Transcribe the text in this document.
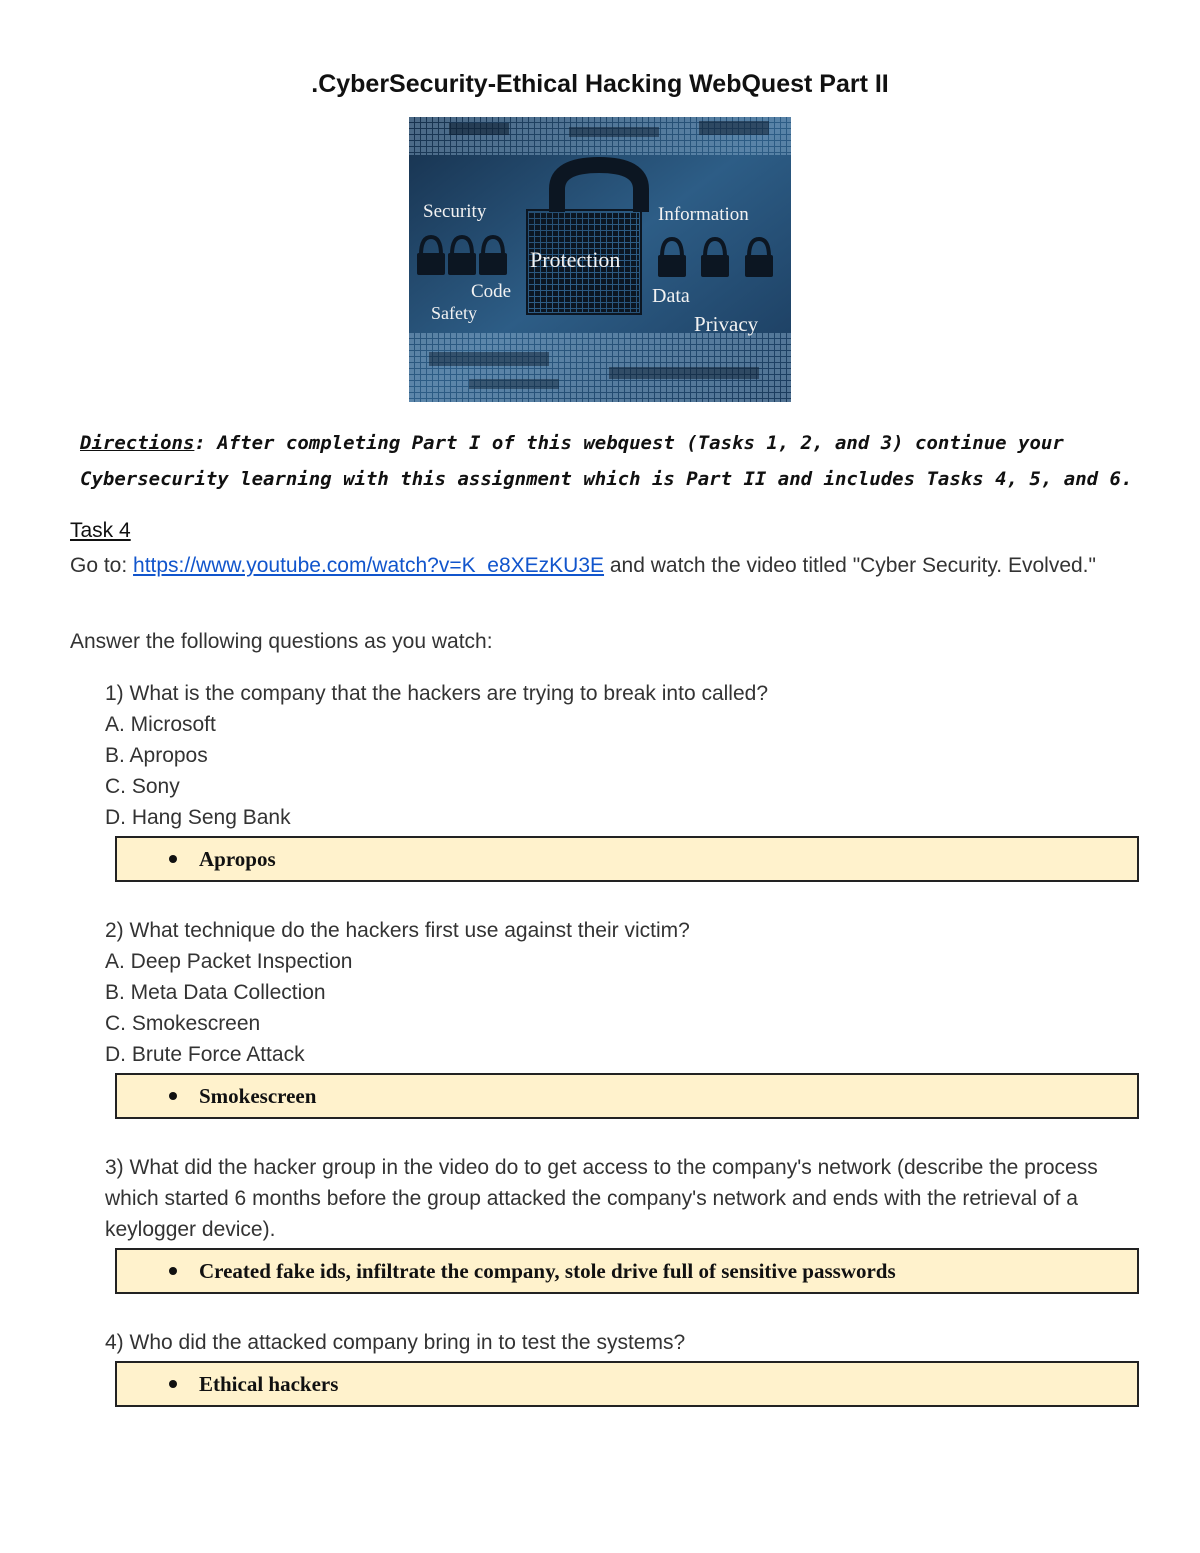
.CyberSecurity-Ethical Hacking WebQuest Part II
Security	Information
Protection
Code	Data
Safety	Privacy
Directions: After completing Part I of this webquest (Tasks 1, 2, and 3) continue your Cybersecurity learning with this assignment which is Part II and includes Tasks 4, 5, and 6.
Task 4
Go to: https://www.youtube.com/watch?v=K_e8XEzKU3E and watch the video titled "Cyber Security. Evolved."
Answer the following questions as you watch:
1) What is the company that the hackers are trying to break into called?
A. Microsoft
B. Apropos
C. Sony
D. Hang Seng Bank
Apropos
2) What technique do the hackers first use against their victim?
A. Deep Packet Inspection
B. Meta Data Collection
C. Smokescreen
D. Brute Force Attack
Smokescreen
3) What did the hacker group in the video do to get access to the company's network (describe the process which started 6 months before the group attacked the company's network and ends with the retrieval of a keylogger device).
Created fake ids, infiltrate the company, stole drive full of sensitive passwords
4) Who did the attacked company bring in to test the systems?
Ethical hackers
